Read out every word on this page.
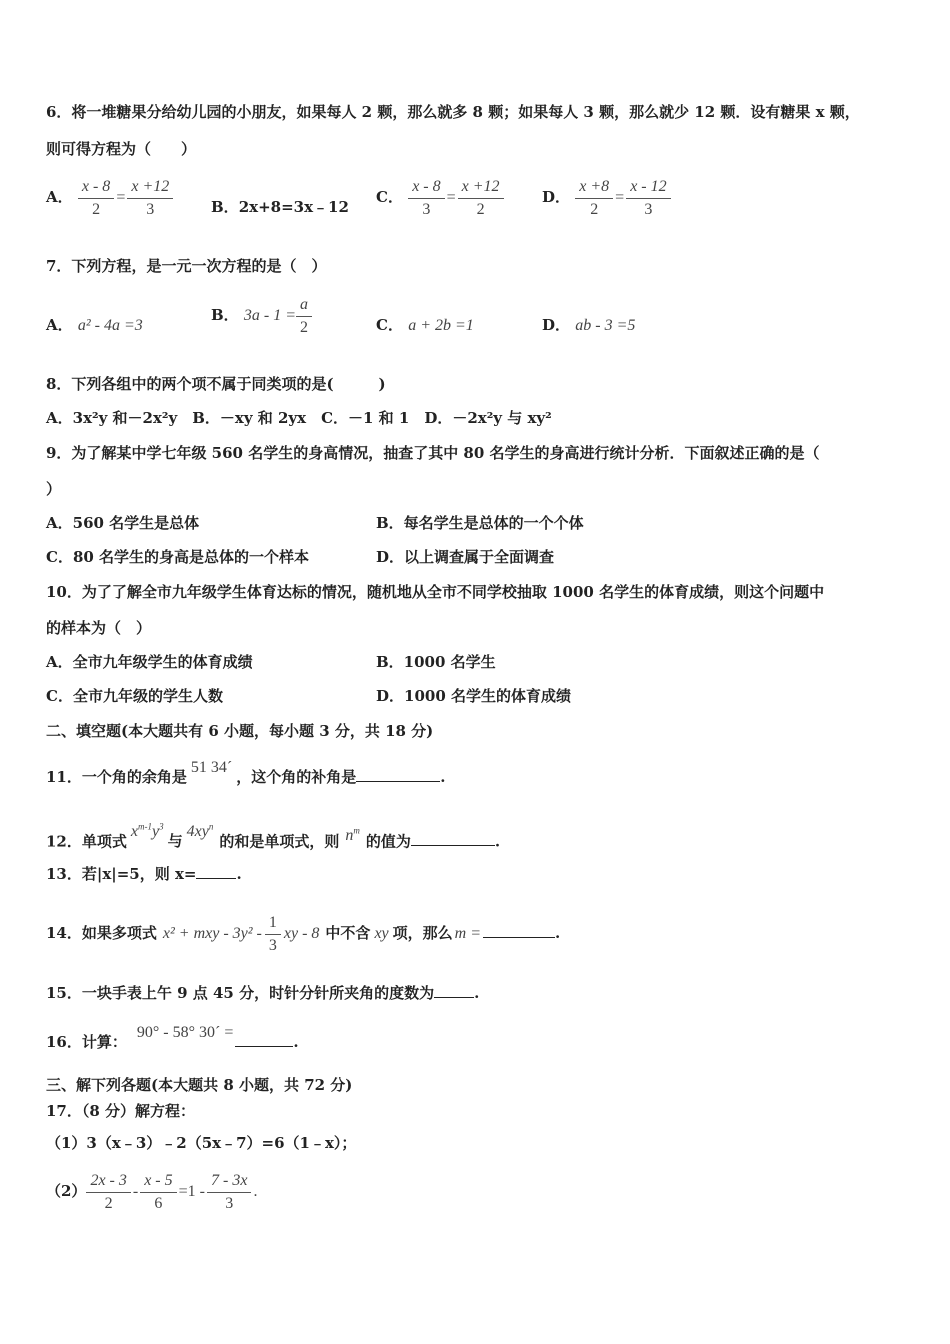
6．将一堆糖果分给幼儿园的小朋友，如果每人 2 颗，那么就多 8 颗；如果每人 3 颗，那么就少 12 颗．设有糖果 x 颗，
则可得方程为（　　）
A． $\frac{x - 8}{2} = \frac{x +12}{3}$	B．2x+8=3x﹣12
C． $\frac{x - 8}{3} = \frac{x +12}{2}$	D． $\frac{x +8}{2} = \frac{x - 12}{3}$
7．下列方程，是一元一次方程的是（　）
A． a² - 4a =3
B． $3a - 1 = \frac{a}{2}$	C． a + 2b =1	D． ab - 3 =5
8．下列各组中的两个项不属于同类项的是(　　　)
A．3x²y 和－2x²y　B．－xy 和 2yx　C．－1 和 1　D．－2x²y 与 xy²
9．为了解某中学七年级 560 名学生的身高情况，抽查了其中 80 名学生的身高进行统计分析．下面叙述正确的是（
）
A．560 名学生是总体	B．每名学生是总体的一个个体
C．80 名学生的身高是总体的一个样本	D．以上调查属于全面调查
10．为了了解全市九年级学生体育达标的情况，随机地从全市不同学校抽取 1000 名学生的体育成绩，则这个问题中
的样本为（　）
A．全市九年级学生的体育成绩	B．1000 名学生
C．全市九年级的学生人数	D．1000 名学生的体育成绩
二、填空题(本大题共有 6 小题，每小题 3 分，共 18 分)
11．一个角的余角是51 34´，这个角的补角是	.
12．单项式$x^{m-1}y^3$与$4xy^n$的和是单项式，则 $n^m$的值为	.
13．若|x|=5，则 x=	.
14．如果多项式 x² + mxy - $3y^2 - \frac{1}{3}$ xy - 8 中不含 xy 项，那么 m =	.
15．一块手表上午 9 点 45 分，时针分针所夹角的度数为	.
16．计算：90° - 58° 30´ =.
三、解下列各题(本大题共 8 小题，共 72 分)
17．（8 分）解方程：
（1）3（x﹣3）﹣2（5x﹣7）=6（1﹣x）；
$(2) \frac{2x - 3}{2} - \frac{x - 5}{6} =1 - \frac{7 - 3x}{3}$ .
